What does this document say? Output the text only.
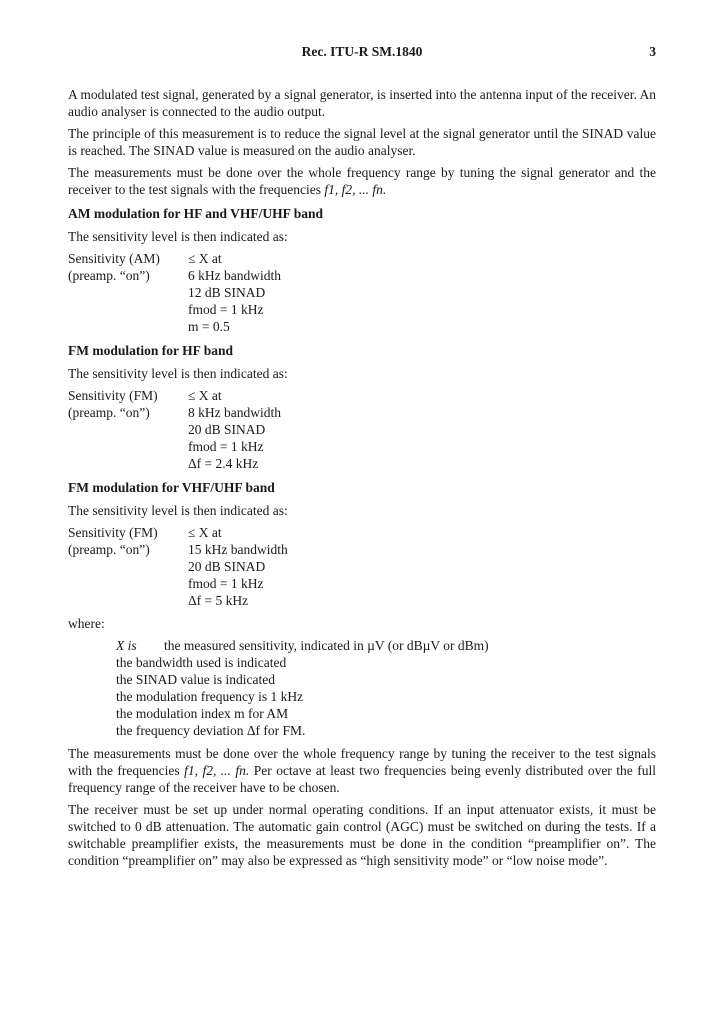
Rec. ITU-R SM.1840	3

A modulated test signal, generated by a signal generator, is inserted into the antenna input of the receiver. An audio analyser is connected to the audio output.

The principle of this measurement is to reduce the signal level at the signal generator until the SINAD value is reached. The SINAD value is measured on the audio analyser.

The measurements must be done over the whole frequency range by tuning the signal generator and the receiver to the test signals with the frequencies f1, f2, ... fn.

AM modulation for HF and VHF/UHF band

The sensitivity level is then indicated as:

Sensitivity (AM)
(preamp. “on”)
≤ X at
6 kHz bandwidth
12 dB SINAD
fmod = 1 kHz
m = 0.5
FM modulation for HF band

The sensitivity level is then indicated as:

Sensitivity (FM)
(preamp. “on”)
≤ X at
8 kHz bandwidth
20 dB SINAD
fmod = 1 kHz
Δf = 2.4 kHz
FM modulation for VHF/UHF band

The sensitivity level is then indicated as:

Sensitivity (FM)
(preamp. “on”)
≤ X at
15 kHz bandwidth
20 dB SINAD
fmod = 1 kHz
Δf = 5 kHz

where:

X is	the measured sensitivity, indicated in µV (or dBµV or dBm)
the bandwidth used is indicated
the SINAD value is indicated
the modulation frequency is 1 kHz
the modulation index m for AM
the frequency deviation Δf for FM.

The measurements must be done over the whole frequency range by tuning the receiver to the test signals with the frequencies f1, f2, ... fn. Per octave at least two frequencies being evenly distributed over the full frequency range of the receiver have to be chosen.

The receiver must be set up under normal operating conditions. If an input attenuator exists, it must be switched to 0 dB attenuation. The automatic gain control (AGC) must be switched on during the tests. If a switchable preamplifier exists, the measurements must be done in the condition “preamplifier on”. The condition “preamplifier on” may also be expressed as “high sensitivity mode” or “low noise mode”.
